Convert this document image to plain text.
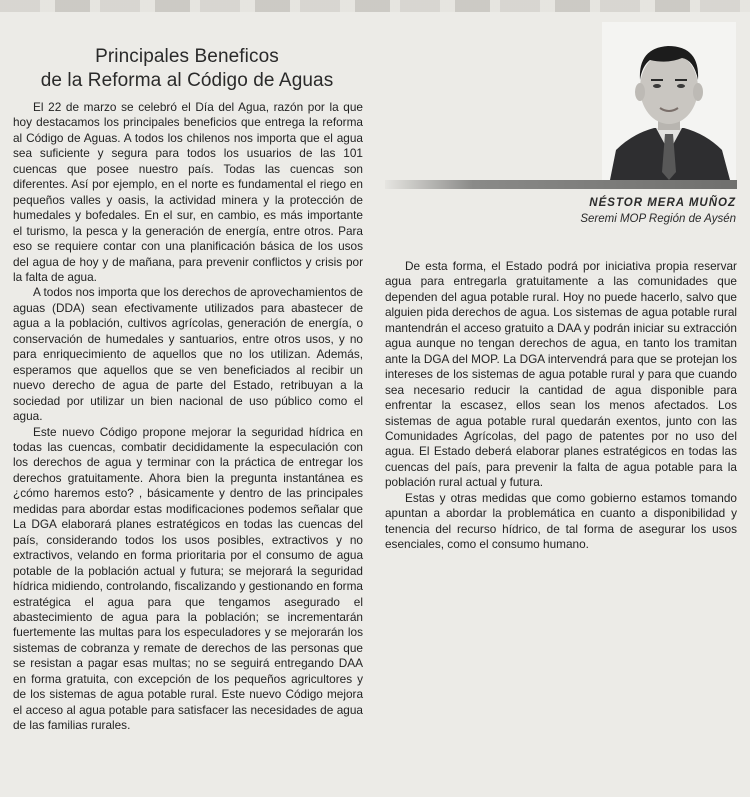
Principales Beneficos
de la Reforma al Código de Aguas

El 22 de marzo se celebró el Día del Agua, razón por la que hoy destacamos los principales beneficios que entrega la reforma al Código de Aguas. A todos los chilenos nos importa que el agua sea suficiente y segura para todos los usuarios de las 101 cuencas que posee nuestro país. Todas las cuencas son diferentes. Así por ejemplo, en el norte es fundamental el riego en pequeños valles y oasis, la actividad minera y la protección de humedales y bofedales. En el sur, en cambio, es más importante el turismo, la pesca y la generación de energía, entre otros. Para eso se requiere contar con una planificación básica de los usos del agua de hoy y de mañana, para prevenir conflictos y crisis por la falta de agua.

A todos nos importa que los derechos de aprovechamientos de aguas (DDA) sean efectivamente utilizados para abastecer de agua a la población, cultivos agrícolas, generación de energía, o conservación de humedales y santuarios, entre otros usos, y no para enriquecimiento de aquellos que no los utilizan. Además, esperamos que aquellos que se ven beneficiados al recibir un nuevo derecho de agua de parte del Estado, retribuyan a la sociedad por utilizar un bien nacional de uso público como el agua.

Este nuevo Código propone mejorar la seguridad hídrica en todas las cuencas, combatir decididamente la especulación con los derechos de agua y terminar con la práctica de entregar los derechos gratuitamente. Ahora bien la pregunta instantánea es ¿cómo haremos esto? , básicamente y dentro de las principales medidas para abordar estas modificaciones podemos señalar que La DGA elaborará planes estratégicos en todas las cuencas del país, considerando todos los usos posibles, extractivos y no extractivos, velando en forma prioritaria por el consumo de agua potable de la población actual y futura; se mejorará la seguridad hídrica midiendo, controlando, fiscalizando y gestionando en forma estratégica el agua para que tengamos asegurado el abastecimiento de agua para la población; se incrementarán fuertemente las multas para los especuladores y se mejorarán los sistemas de cobranza y remate de derechos de las personas que se resistan a pagar esas multas; no se seguirá entregando DAA en forma gratuita, con excepción de los pequeños agricultores y de los sistemas de agua potable rural. Este nuevo Código mejora el acceso al agua potable para satisfacer las necesidades de agua de las familias rurales.

NÉSTOR MERA MUÑOZ
Seremi MOP Región de Aysén

De esta forma, el Estado podrá por iniciativa propia reservar agua para entregarla gratuitamente a las comunidades que dependen del agua potable rural. Hoy no puede hacerlo, salvo que alguien pida derechos de agua. Los sistemas de agua potable rural mantendrán el acceso gratuito a DAA y podrán iniciar su extracción agua aunque no tengan derechos de agua, en tanto los tramitan ante la DGA del MOP. La DGA intervendrá para que se protejan los intereses de los sistemas de agua potable rural y para que cuando sea necesario reducir la cantidad de agua disponible para enfrentar la escasez, ellos sean los menos afectados. Los sistemas de agua potable rural quedarán exentos, junto con las Comunidades Agrícolas, del pago de patentes por no uso del agua. El Estado deberá elaborar planes estratégicos en todas las cuencas del país, para prevenir la falta de agua potable para la población rural actual y futura.

Estas y otras medidas que como gobierno estamos tomando apuntan a abordar la problemática en cuanto a disponibilidad y tenencia del recurso hídrico, de tal forma de asegurar los usos esenciales, como el consumo humano.
